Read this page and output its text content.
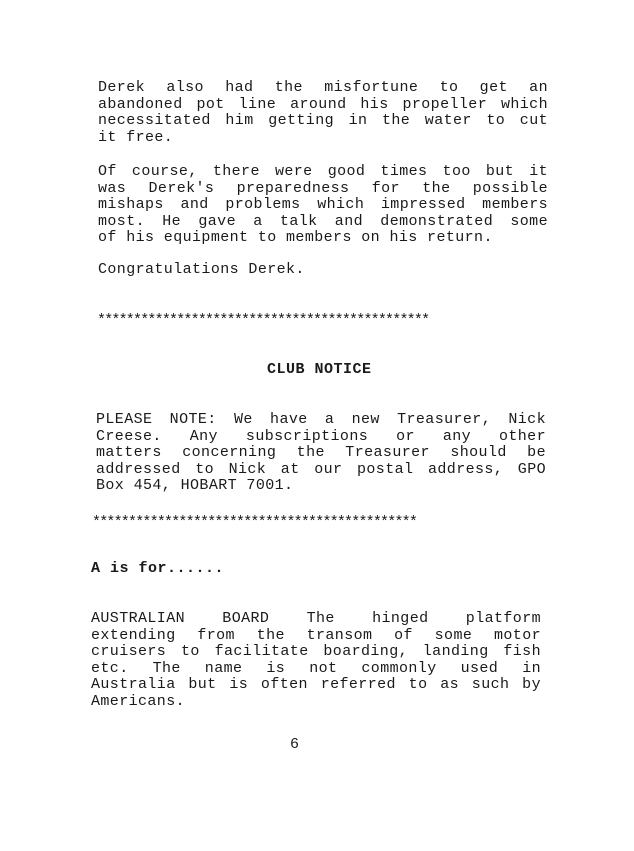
Derek also had the misfortune to get an
abandoned pot line around his propeller which
necessitated him getting in the water to cut
it free.
Of course, there were good times too but it
was Derek's preparedness for the possible
mishaps and problems which impressed members
most. He gave a talk and demonstrated some
of his equipment to members on his return.
Congratulations Derek.
**********************************************
CLUB NOTICE
PLEASE NOTE: We have a new Treasurer, Nick
Creese. Any subscriptions or any other
matters concerning the Treasurer should be
addressed to Nick at our postal address, GPO
Box 454, HOBART 7001.
*********************************************
A is for......
AUSTRALIAN BOARD The hinged platform
extending from the transom of some motor
cruisers to facilitate boarding, landing fish
etc. The name is not commonly used in
Australia but is often referred to as such by
Americans.
6
